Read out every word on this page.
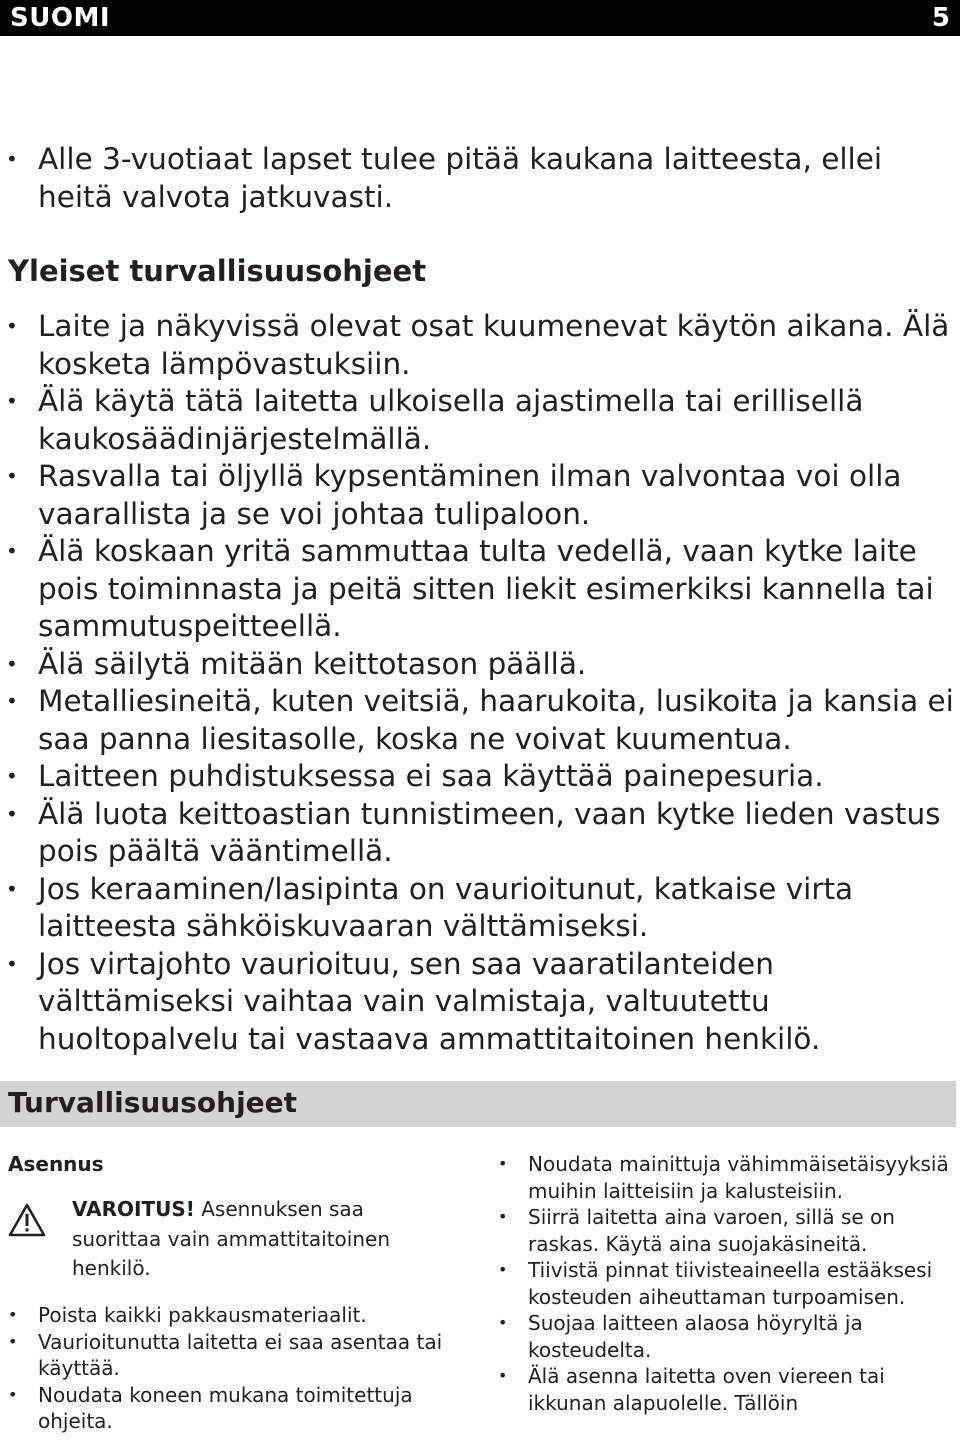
SUOMI	5
• Alle 3-vuotiaat lapset tulee pitää kaukana laitteesta, ellei heitä valvota jatkuvasti.
Yleiset turvallisuusohjeet
• Laite ja näkyvissä olevat osat kuumenevat käytön aikana. Älä kosketa lämpövastuksiin.
• Älä käytä tätä laitetta ulkoisella ajastimella tai erillisellä kaukosäädinjärjestelmällä.
• Rasvalla tai öljyllä kypsentäminen ilman valvontaa voi olla vaarallista ja se voi johtaa tulipaloon.
• Älä koskaan yritä sammuttaa tulta vedellä, vaan kytke laite pois toiminnasta ja peitä sitten liekit esimerkiksi kannella tai sammutuspeitteellä.
• Älä säilytä mitään keittotason päällä.
• Metalliesineitä, kuten veitsiä, haarukoita, lusikoita ja kansia ei saa panna liesitasolle, koska ne voivat kuumentua.
• Laitteen puhdistuksessa ei saa käyttää painepesuria.
• Älä luota keittoastian tunnistimeen, vaan kytke lieden vastus pois päältä vääntimellä.
• Jos keraaminen/lasipinta on vaurioitunut, katkaise virta laitteesta sähköiskuvaaran välttämiseksi.
• Jos virtajohto vaurioituu, sen saa vaaratilanteiden välttämiseksi vaihtaa vain valmistaja, valtuutettu huoltopalvelu tai vastaava ammattitaitoinen henkilö.
Turvallisuusohjeet
Asennus
VAROITUS! Asennuksen saa suorittaa vain ammattitaitoinen henkilö.
• Poista kaikki pakkausmateriaalit.
• Vaurioitunutta laitetta ei saa asentaa tai käyttää.
• Noudata koneen mukana toimitettuja ohjeita.
• Noudata mainittuja vähimmäisetäisyyksiä muihin laitteisiin ja kalusteisiin.
• Siirrä laitetta aina varoen, sillä se on raskas. Käytä aina suojakäsineitä.
• Tiivistä pinnat tiivisteaineella estääksesi kosteuden aiheuttaman turpoamisen.
• Suojaa laitteen alaosa höyryltä ja kosteudelta.
• Älä asenna laitetta oven viereen tai ikkunan alapuolelle. Tällöin
